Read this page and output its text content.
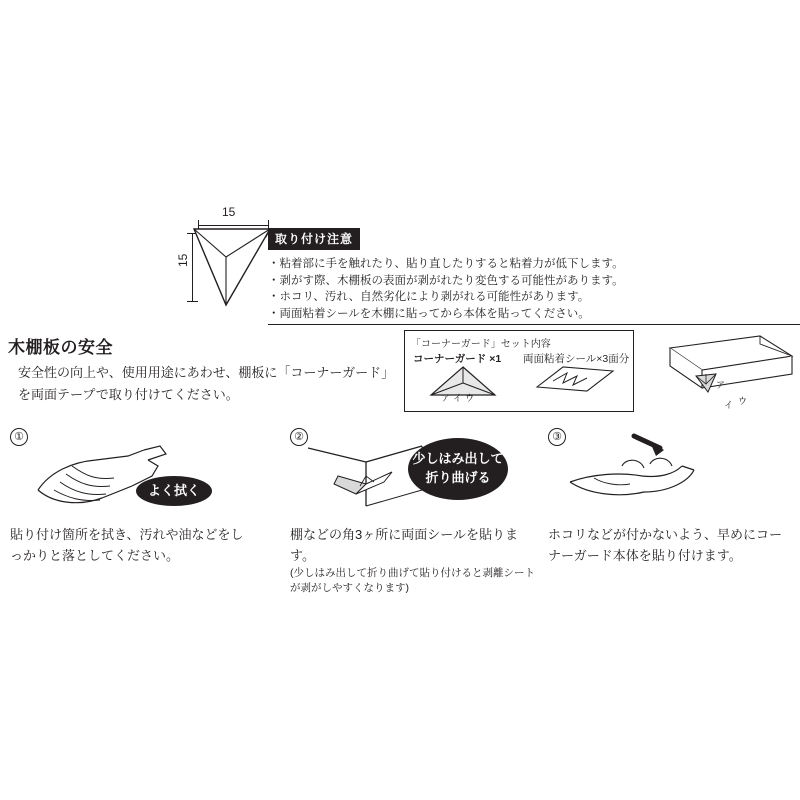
15
15
取り付け注意
・粘着部に手を触れたり、貼り直したりすると粘着力が低下します。
・剥がす際、木棚板の表面が剥がれたり変色する可能性があります。
・ホコリ、汚れ、自然劣化により剥がれる可能性があります。
・両面粘着シールを木棚に貼ってから本体を貼ってください。
木棚板の安全
安全性の向上や、使用用途にあわせ、棚板に「コーナーガード」を両面テープで取り付けてください。
「コーナーガード」セット内容
コーナーガード ×1 両面粘着シール×3面分
ア イ ウ
ア
イ ウ
①
よく拭く
貼り付け箇所を拭き、汚れや油などをしっかりと落としてください。
②
少しはみ出して折り曲げる
棚などの角3ヶ所に両面シールを貼ります。
(少しはみ出して折り曲げて貼り付けると剥離シートが剥がしやすくなります)
③
ホコリなどが付かないよう、早めにコーナーガード本体を貼り付けます。
